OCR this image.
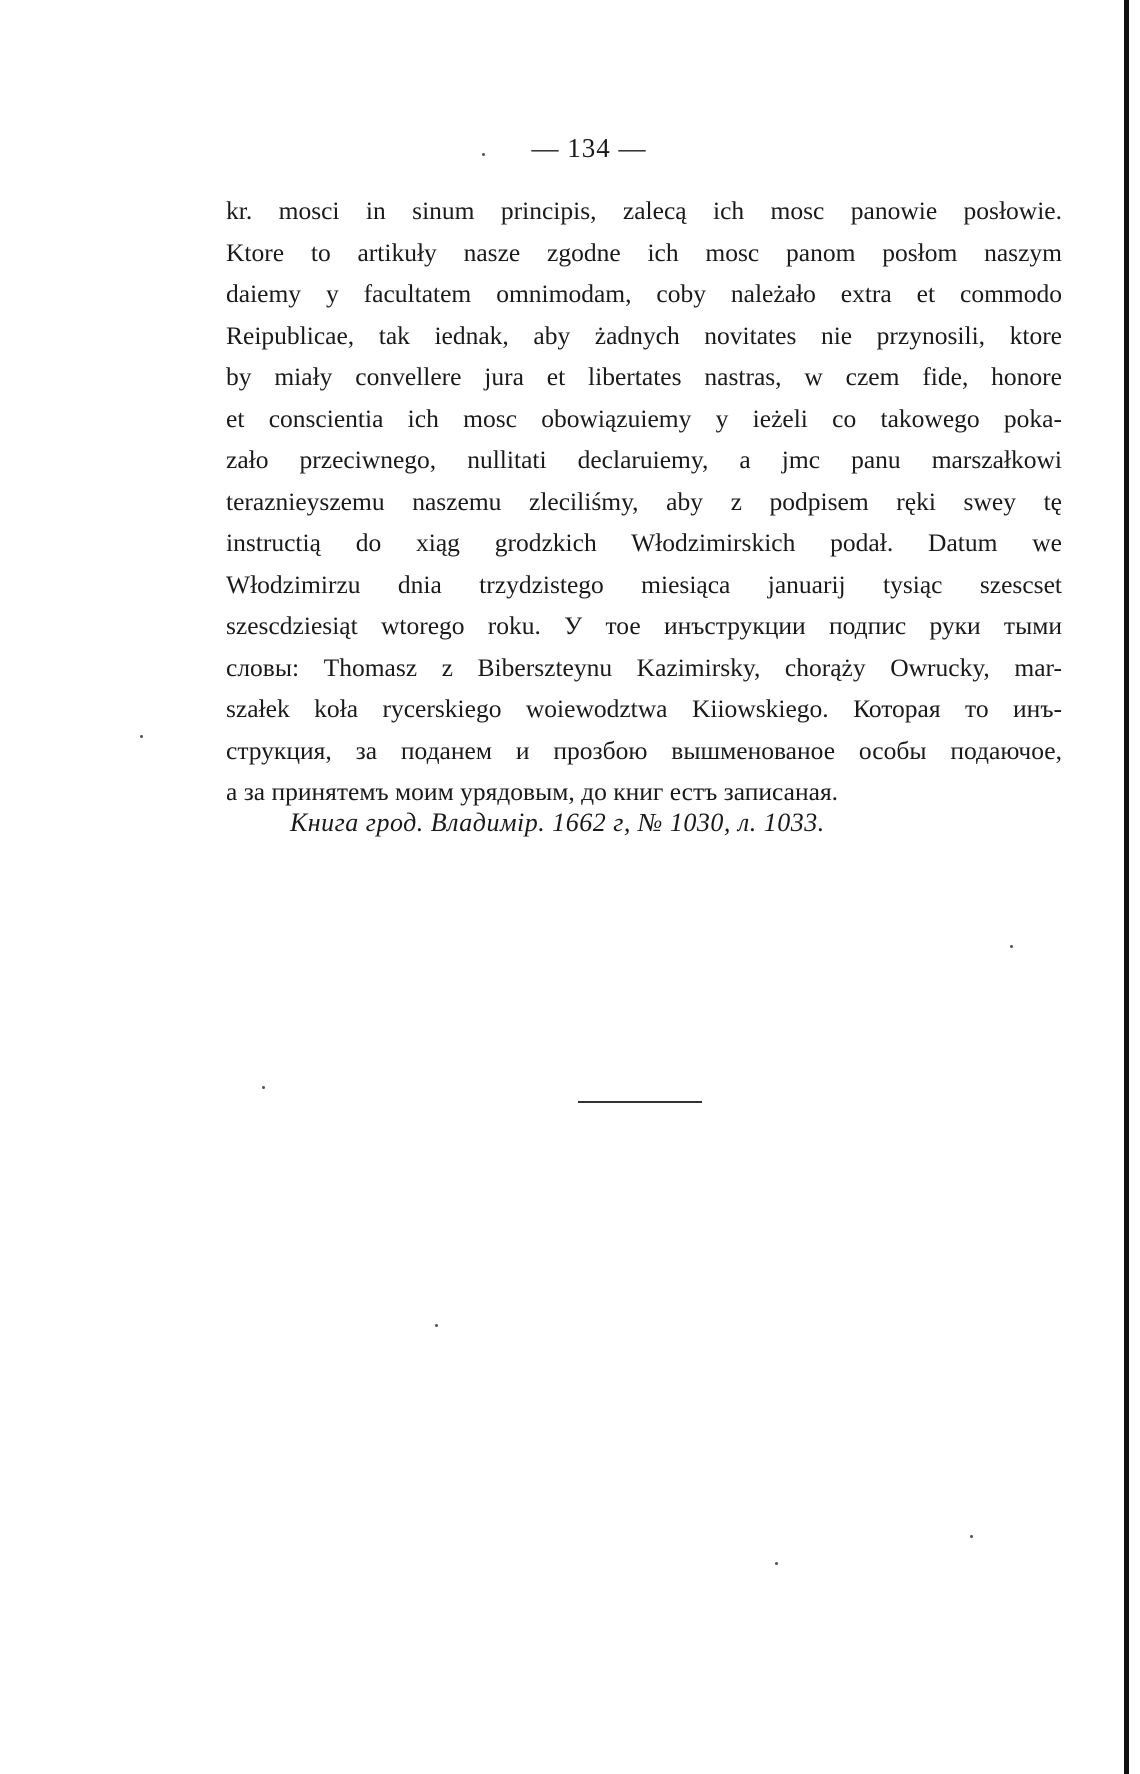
— 134 —
kr. mosci in sinum principis, zalecą ich mosc panowie posłowie.
Ktore to artikuły nasze zgodne ich mosc panom posłom naszym
daiemy y facultatem omnimodam, coby należało extra et commodo
Reipublicae, tak iednak, aby żadnych novitates nie przynosili, ktore
by miały convellere jura et libertates nastras, w czem fide, honore
et conscientia ich mosc obowiązuiemy y ieżeli co takowego poka-
zało przeciwnego, nullitati declaruiemy, a jmc panu marszałkowi
teraznieyszemu naszemu zleciliśmy, aby z podpisem ręki swey tę
instructią do xiąg grodzkich Włodzimirskich podał. Datum we
Włodzimirzu dnia trzydzistego miesiąca januarij tysiąc szescset
szescdziesiąt wtorego roku. У тое инъструкции подпис руки тыми
словы: Thomasz z Bibersztеynu Kazimirsky, chorąży Owrucky, mar-
szałek koła rycerskiego woiewodztwa Kiiowskiego. Которая то инъ-
струкция, за поданем и прозбою вышменованое особы подаючое,
а за принятемъ моим урядовым, до книг естъ записаная.
Книга грод. Владимір. 1662 г, № 1030, л. 1033.
